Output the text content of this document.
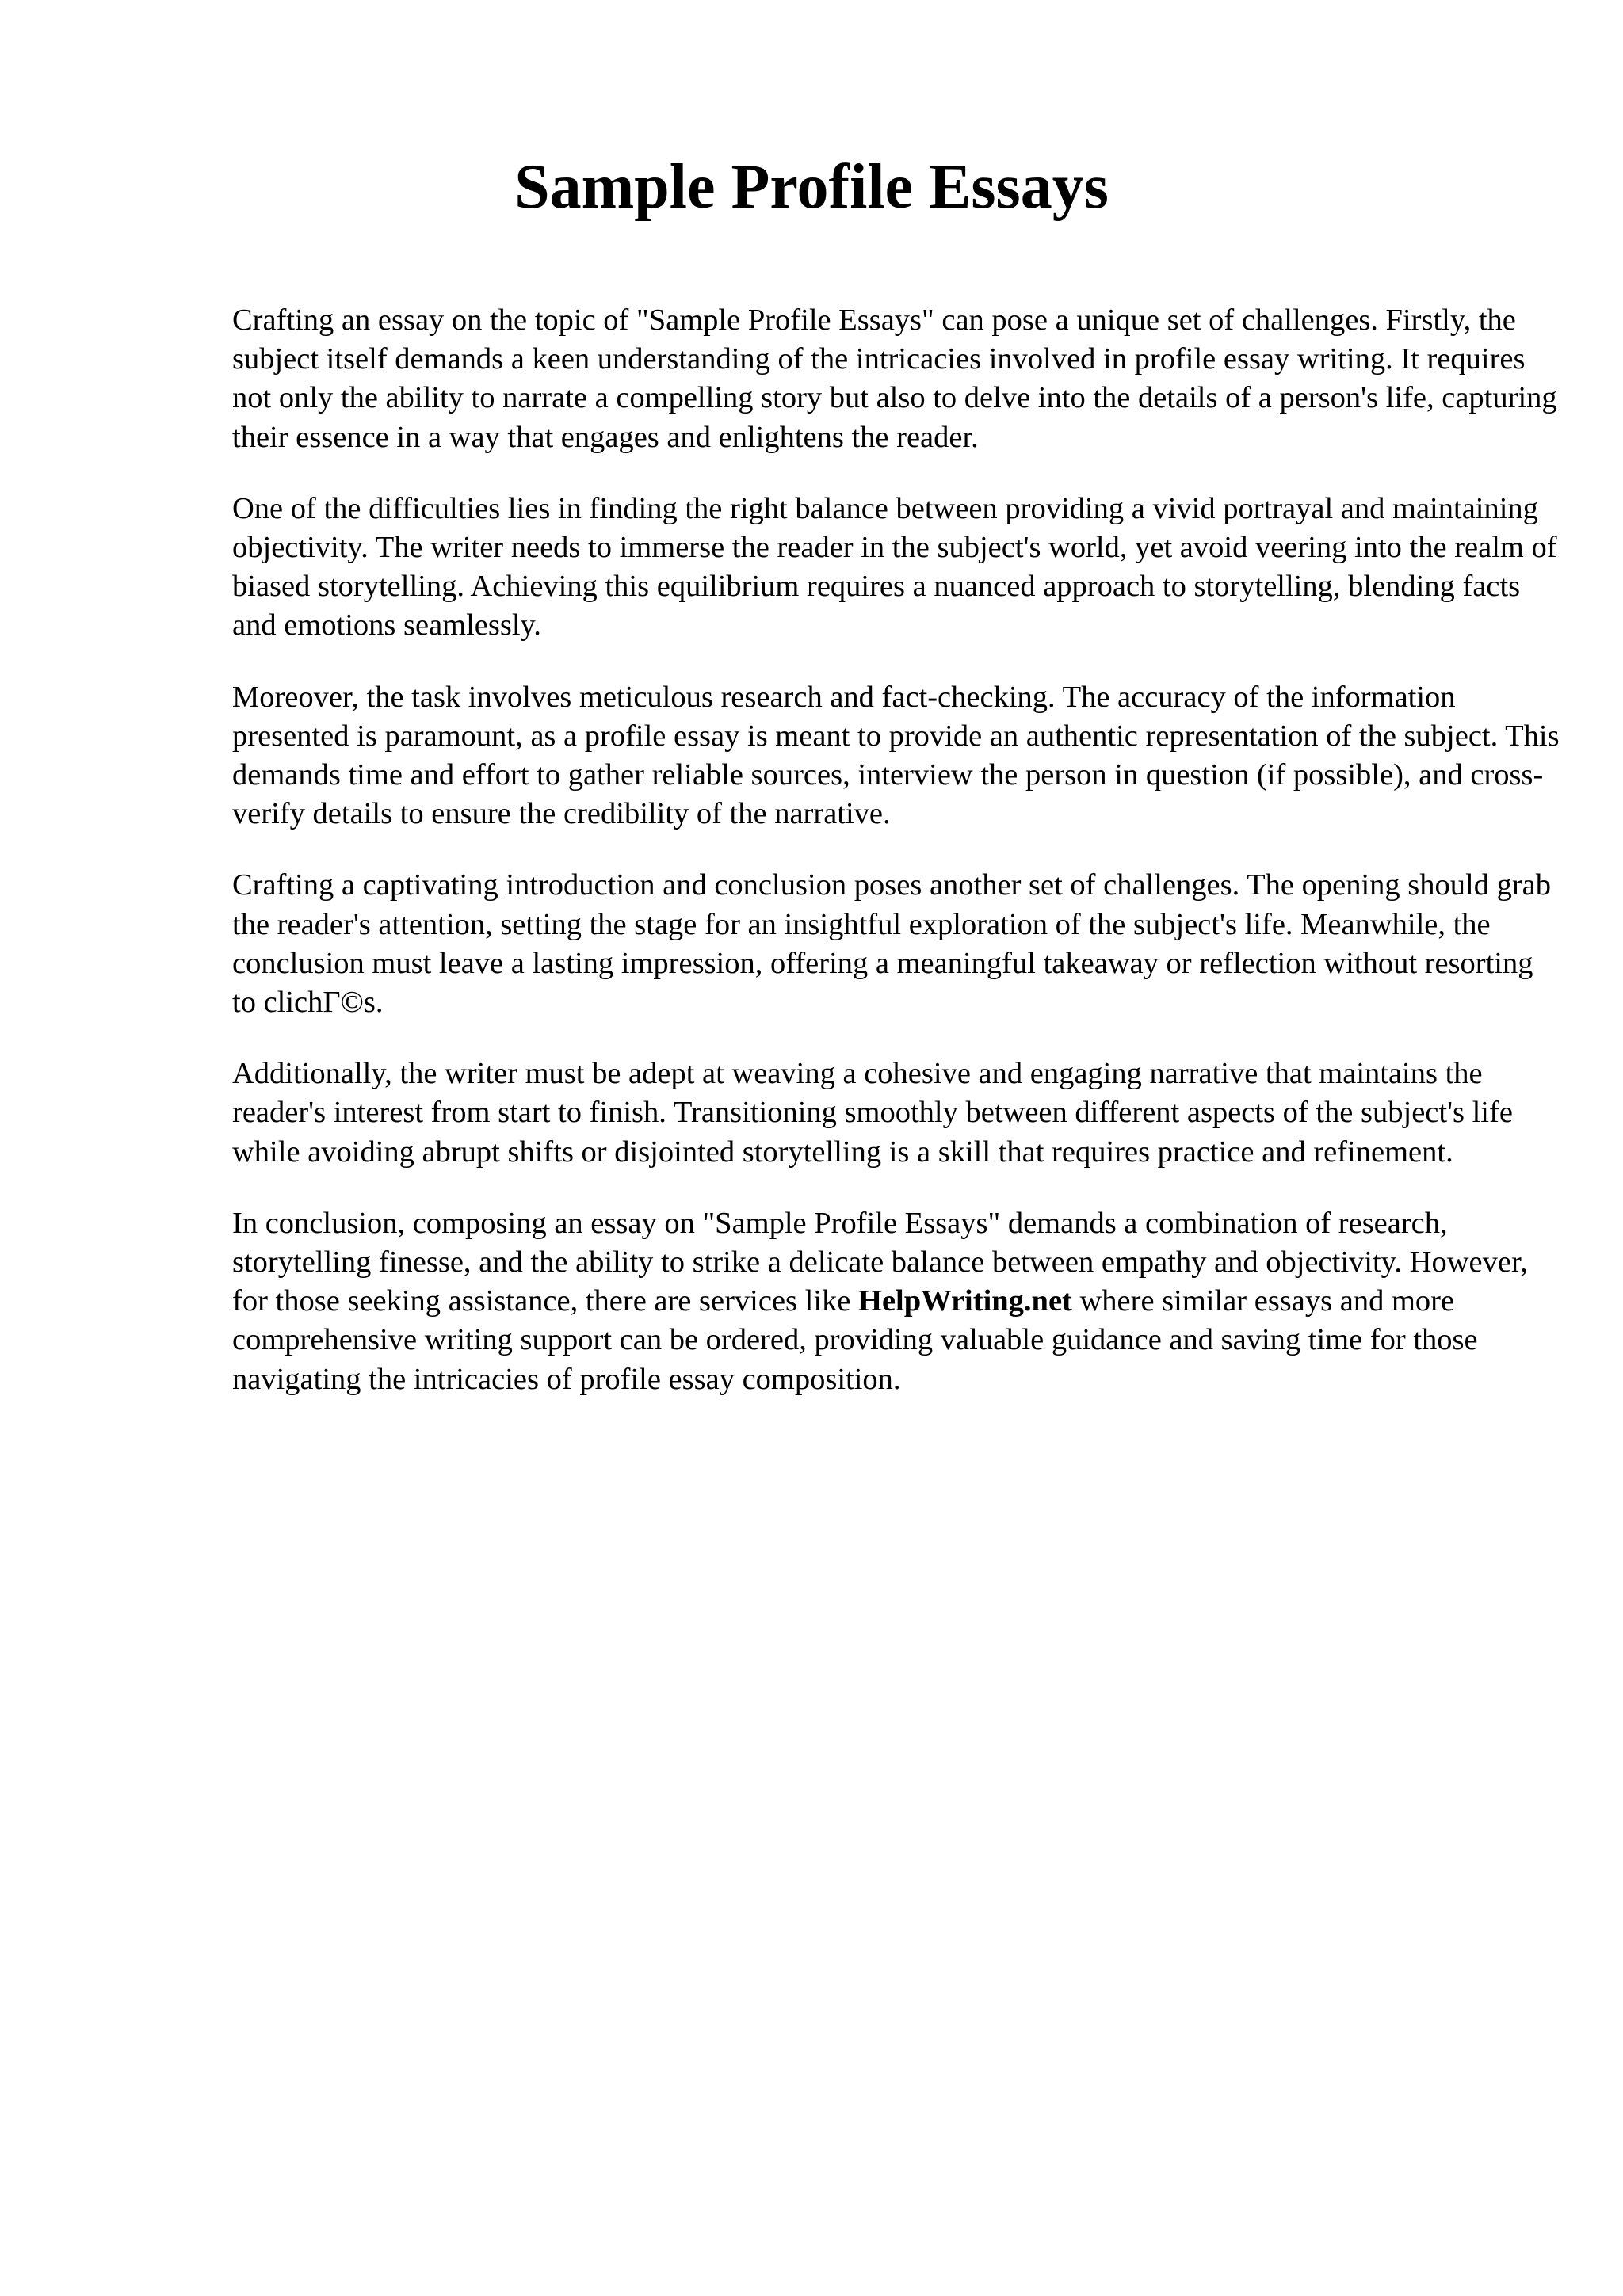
Sample Profile Essays

Crafting an essay on the topic of "Sample Profile Essays" can pose a unique set of challenges. Firstly, the subject itself demands a keen understanding of the intricacies involved in profile essay writing. It requires not only the ability to narrate a compelling story but also to delve into the details of a person's life, capturing their essence in a way that engages and enlightens the reader.

One of the difficulties lies in finding the right balance between providing a vivid portrayal and maintaining objectivity. The writer needs to immerse the reader in the subject's world, yet avoid veering into the realm of biased storytelling. Achieving this equilibrium requires a nuanced approach to storytelling, blending facts and emotions seamlessly.

Moreover, the task involves meticulous research and fact-checking. The accuracy of the information presented is paramount, as a profile essay is meant to provide an authentic representation of the subject. This demands time and effort to gather reliable sources, interview the person in question (if possible), and cross-verify details to ensure the credibility of the narrative.

Crafting a captivating introduction and conclusion poses another set of challenges. The opening should grab the reader's attention, setting the stage for an insightful exploration of the subject's life. Meanwhile, the conclusion must leave a lasting impression, offering a meaningful takeaway or reflection without resorting to clichΓ©s.

Additionally, the writer must be adept at weaving a cohesive and engaging narrative that maintains the reader's interest from start to finish. Transitioning smoothly between different aspects of the subject's life while avoiding abrupt shifts or disjointed storytelling is a skill that requires practice and refinement.

In conclusion, composing an essay on "Sample Profile Essays" demands a combination of research, storytelling finesse, and the ability to strike a delicate balance between empathy and objectivity. However, for those seeking assistance, there are services like HelpWriting.net where similar essays and more comprehensive writing support can be ordered, providing valuable guidance and saving time for those navigating the intricacies of profile essay composition.
